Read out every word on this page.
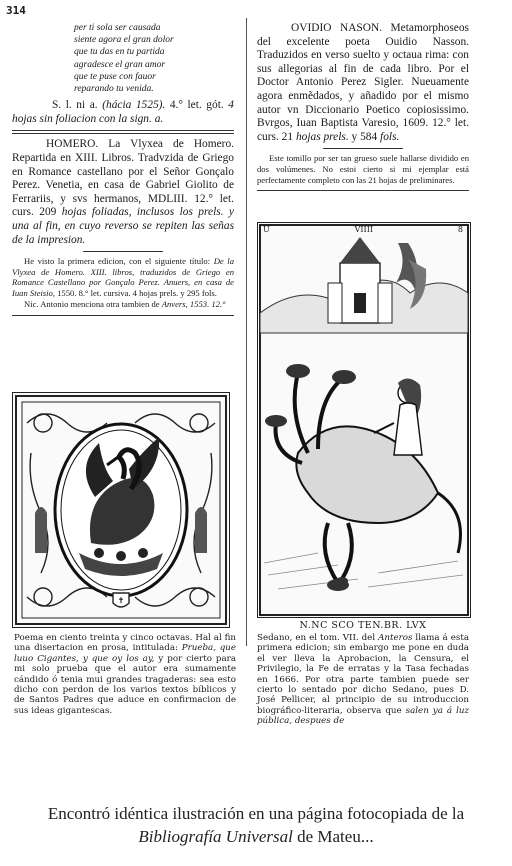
314
per ti sola ser causada
siente agora el gran dolor
que tu das en tu partida
agradesce el gran amor
que te puse con fauor
reparando tu venida.

S. l. ni a. (hácia 1525). 4.° let. gót. 4 hojas sin foliacion con la sign. a.

HOMERO. La Vlyxea de Homero. Repartida en XIII. Libros. Tradvzida de Griego en Romance castellano por el Señor Gonçalo Perez. Venetia, en casa de Gabriel Giolito de Ferrariis, y svs hermanos, MDLIII. 12.° let. curs. 209 hojas foliadas, inclusos los prels. y una al fin, en cuyo reverso se repiten las señas de la impresion.

He visto la primera edicion, con el siguiente título: De la Vlyxea de Homero. XIII. libros, traduzidos de Griego en Romance Castellano por Gonçalo Perez. Anuers, en casa de Iuan Steisio, 1550. 8.° let. cursiva. 4 hojas prels. y 295 fols.

Nic. Antonio menciona otra tambien de Anvers, 1553. 12.°

✝
Poema en ciento treinta y cinco octavas. Hal al fin una disertacion en prosa, intitulada: Prueba, que luuo Cigantes, y que oy los ay, y por cierto para mi solo prueba que el autor era sumamente cándido ó tenia mui grandes tragaderas: sea esto dicho con perdon de los varios textos bíblicos y de Santos Padres que aduce en confirmacion de sus ideas gigantescas.

OVIDIO NASON. Metamorphoseos del excelente poeta Ouidio Nasson. Traduzidos en verso suelto y octaua rima: con sus allegorias al fin de cada libro. Por el Doctor Antonio Perez Sigler. Nueuamente agora enmẽdados, y añadido por el mismo autor vn Diccionario Poetico copiosissimo. Bvrgos, Iuan Baptista Varesio, 1609. 12.° let. curs. 21 hojas prels. y 584 fols.

Este tomillo por ser tan grueso suele hallarse dividido en dos volúmenes. No estoi cierto si mi ejemplar está perfectamente completo con las 21 hojas de preliminares.

U	VIIII	8
N.NC SCO TEN.BR. LVX
Sedano, en el tom. VII. del Anteros llama á esta primera edicion; sin embargo me pone en duda el ver lleva la Aprobacion, la Censura, el Privilegio, la Fe de erratas y la Tasa fechadas en 1666. Por otra parte tambien puede ser cierto lo sentado por dicho Sedano, pues D. José Pellicer, al principio de su introduccion biográfico-literaria, observa que salen ya á luz pública, despues de
Encontró idéntica ilustración en una página fotocopiada de la
Bibliografía Universal de Mateu...
